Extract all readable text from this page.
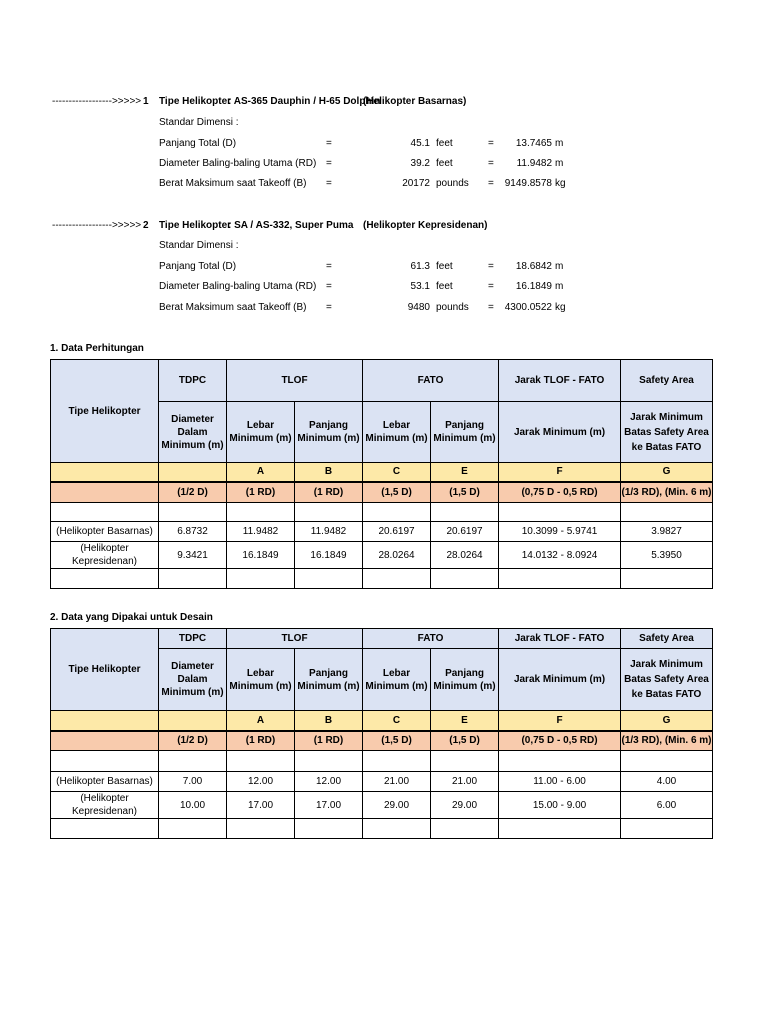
------------------>>>>> 1 Tipe Helikopter
: AS-365 Dauphin / H-65 Dolphin
(Helikopter Basarnas)
Standar Dimensi :
Panjang Total (D)	=	45.1 feet	=	13.7465 m
Diameter Baling-baling Utama (RD) =	39.2 feet	=	11.9482 m
Berat Maksimum saat Takeoff (B) =	20172 pounds =	9149.8578 kg
------------------>>>>> 2 Tipe Helikopter
: SA / AS-332, Super Puma (Helikopter Kepresidenan)
Standar Dimensi :
Panjang Total (D)	=	61.3 feet	=	18.6842 m
Diameter Baling-baling Utama (RD) =	53.1 feet	=	16.1849 m
Berat Maksimum saat Takeoff (B) =	9480 pounds =	4300.0522 kg
1. Data Perhitungan
Tipe Helikopter	TDPC	TLOF		FATO		Jarak TLOF - FATO	Safety Area
	Diameter Dalam Minimum (m)	Lebar Minimum (m)	Panjang Minimum (m)	Lebar Minimum (m)	Panjang Minimum (m)	Jarak Minimum (m)	Jarak Minimum Batas Safety Area ke Batas FATO
		A	B	C	E	F	G
	(1/2 D)	(1 RD)	(1 RD)	(1,5 D)	(1,5 D)	(0,75 D - 0,5 RD)	(1/3 RD), (Min. 6 m)

(Helikopter Basarnas)	6.8732	11.9482	11.9482	20.6197	20.6197	10.3099 - 5.9741	3.9827
(Helikopter Kepresidenan)	9.3421	16.1849	16.1849	28.0264	28.0264	14.0132 - 8.0924	5.3950

2. Data yang Dipakai untuk Desain
Tipe Helikopter	TDPC	TLOF		FATO		Jarak TLOF - FATO	Safety Area
	Diameter Dalam Minimum (m)	Lebar Minimum (m)	Panjang Minimum (m)	Lebar Minimum (m)	Panjang Minimum (m)	Jarak Minimum (m)	Jarak Minimum Batas Safety Area ke Batas FATO
		A	B	C	E	F	G
	(1/2 D)	(1 RD)	(1 RD)	(1,5 D)	(1,5 D)	(0,75 D - 0,5 RD)	(1/3 RD), (Min. 6 m)

(Helikopter Basarnas)	7.00	12.00	12.00	21.00	21.00	11.00 - 6.00	4.00
(Helikopter Kepresidenan)	10.00	17.00	17.00	29.00	29.00	15.00 - 9.00	6.00
